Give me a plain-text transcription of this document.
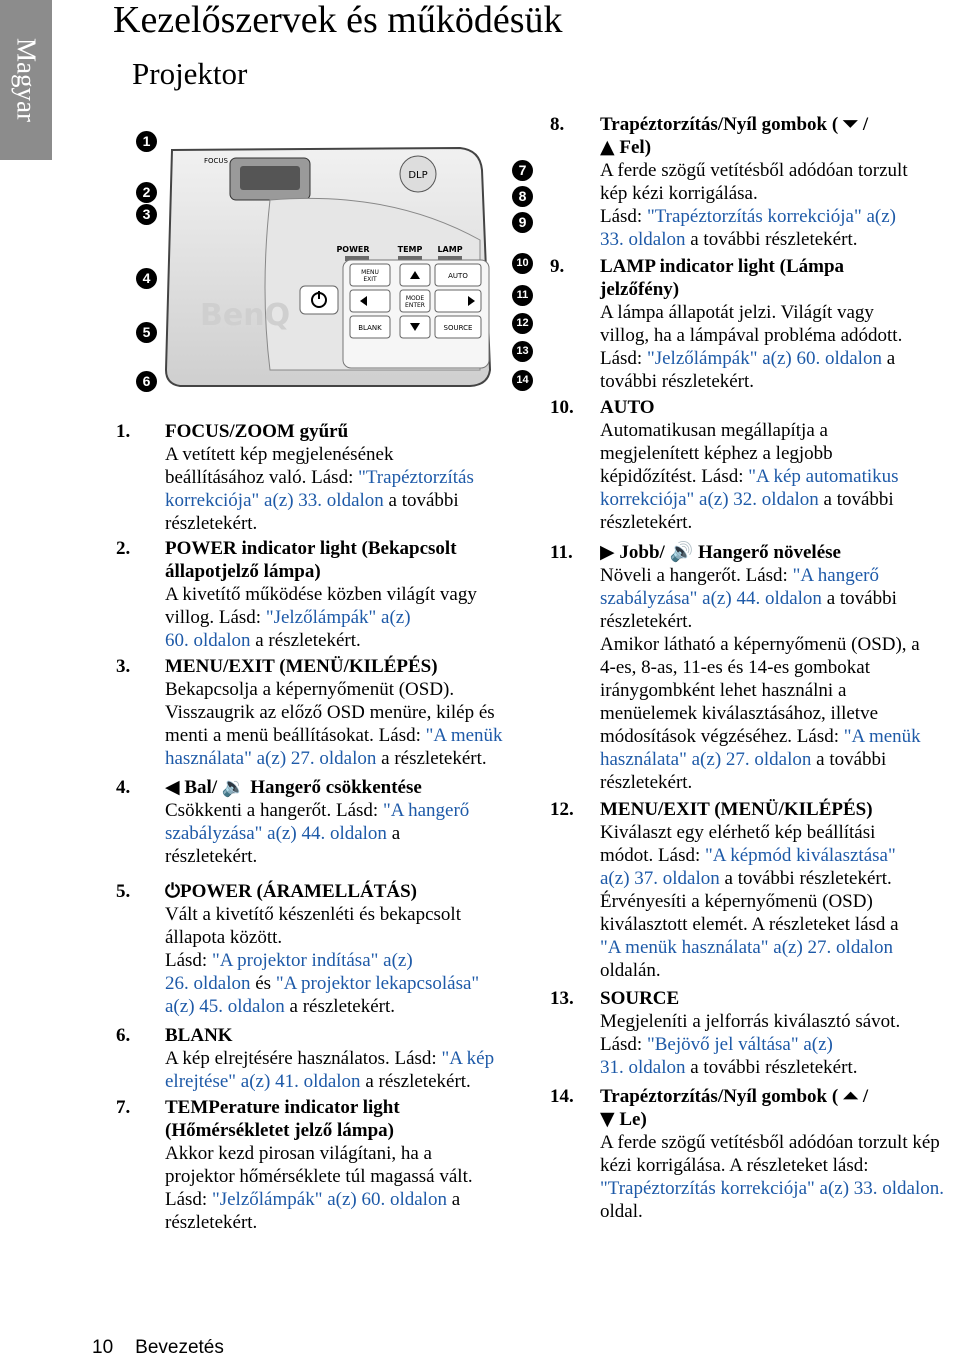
Magyar
Kezelőszervek és működésük
Projektor
DLP
BenQ
FOCUS
POWER	TEMP LAMP
MENU
EXIT	AUTO
MODE
ENTER
BLANK	SOURCE
1
2
3
4
5
6
7
8
9
10
11
12
13
14
1. FOCUS/ZOOM gyűrű
A vetített kép megjelenésének
beállításához való. Lásd: "Trapéztorzítás
korrekciója" a(z) 33. oldalon a további
részletekért.
2. POWER indicator light (Bekapcsolt
állapotjelző lámpa)
A kivetítő működése közben világít vagy
villog. Lásd: "Jelzőlámpák" a(z)
60. oldalon a részletekért.
3. MENU/EXIT (MENÜ/KILÉPÉS)
Bekapcsolja a képernyőmenüt (OSD).
Visszaugrik az előző OSD menüre, kilép és
menti a menü beállításokat. Lásd: "A menük
használata" a(z) 27. oldalon a részletekért.
4. ◀ Bal/ 🔉 Hangerő csökkentése
Csökkenti a hangerőt. Lásd: "A hangerő
szabályzása" a(z) 44. oldalon a
részletekért.
5. ⏻POWER (ÁRAMELLÁTÁS)
Vált a kivetítő készenléti és bekapcsolt
állapota között.
Lásd: "A projektor indítása" a(z)
26. oldalon és "A projektor lekapcsolása"
a(z) 45. oldalon a részletekért.
6. BLANK
A kép elrejtésére használatos. Lásd: "A kép
elrejtése" a(z) 41. oldalon a részletekért.
7. TEMPerature indicator light
(Hőmérsékletet jelző lámpa)
Akkor kezd pirosan világítani, ha a
projektor hőmérséklete túl magassá vált.
Lásd: "Jelzőlámpák" a(z) 60. oldalon a
részletekért.
8. Trapéztorzítás/Nyíl gombok ( ⏷ /
▲ Fel)
A ferde szögű vetítésből adódóan torzult
kép kézi korrigálása.
Lásd: "Trapéztorzítás korrekciója" a(z)
33. oldalon a további részletekért.
9. LAMP indicator light (Lámpa
jelzőfény)
A lámpa állapotát jelzi. Világít vagy
villog, ha a lámpával probléma adódott.
Lásd: "Jelzőlámpák" a(z) 60. oldalon a
további részletekért.
10. AUTO
Automatikusan megállapítja a
megjelenített képhez a legjobb
képidőzítést. Lásd: "A kép automatikus
korrekciója" a(z) 32. oldalon a további
részletekért.
11. ▶ Jobb/ 🔊 Hangerő növelése
Növeli a hangerőt. Lásd: "A hangerő
szabályzása" a(z) 44. oldalon a további
részletekért.
Amikor látható a képernyőmenü (OSD), a
4-es, 8-as, 11-es és 14-es gombokat
iránygombként lehet használni a
menüelemek kiválasztásához, illetve
módosítások végzéséhez. Lásd: "A menük
használata" a(z) 27. oldalon a további
részletekért.
12. MENU/EXIT (MENÜ/KILÉPÉS)
Kiválaszt egy elérhető kép beállítási
módot. Lásd: "A képmód kiválasztása"
a(z) 37. oldalon a további részletekért.
Érvényesíti a képernyőmenü (OSD)
kiválasztott elemét. A részleteket lásd a
"A menük használata" a(z) 27. oldalon
oldalán.
13. SOURCE
Megjeleníti a jelforrás kiválasztó sávot.
Lásd: "Bejövő jel váltása" a(z)
31. oldalon a további részletekért.
14. Trapéztorzítás/Nyíl gombok ( ⏶ /
▼ Le)
A ferde szögű vetítésből adódóan torzult kép
kézi korrigálása. A részleteket lásd:
"Trapéztorzítás korrekciója" a(z) 33. oldalon.
oldal.
10 Bevezetés
